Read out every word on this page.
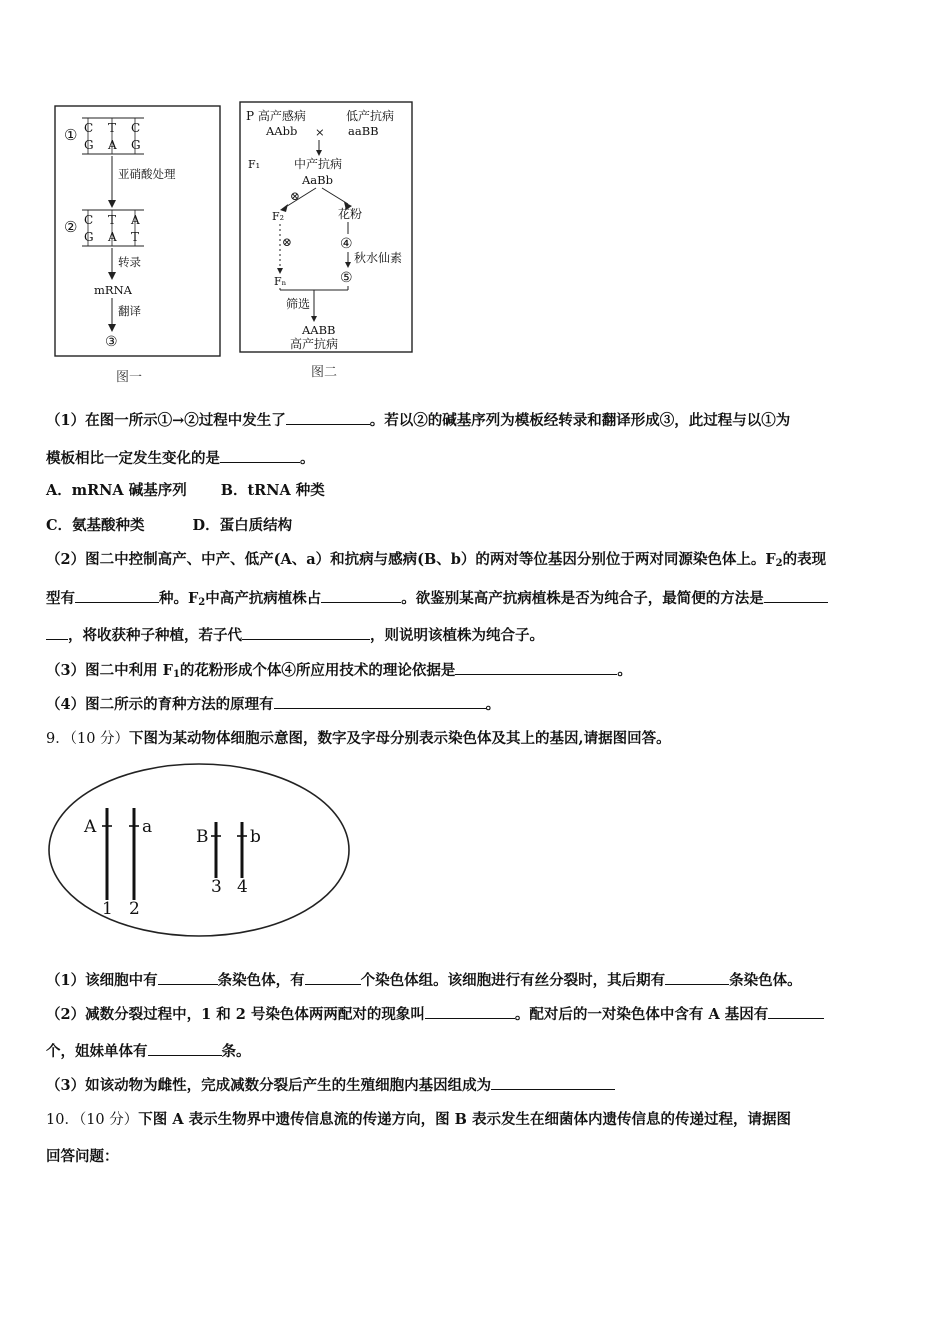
① C T C
G A G
亚硝酸处理
② C T A
G A T
转录
mRNA
翻译
③
图一
P 高产感病	低产抗病
AAbb × aaBB
F₁	中产抗病
AaBb
⊗
F₂	花粉
⊗
Fₙ
④
秋水仙素
⑤
筛选
AABB
高产抗病
图二
（1）在图一所示①→②过程中发生了	。若以②的碱基序列为模板经转录和翻译形成③，此过程与以①为
模板相比一定发生变化的是	。
A．mRNA 碱基序列 B．tRNA 种类
C．氨基酸种类	D．蛋白质结构
（2）图二中控制高产、中产、低产(A、a）和抗病与感病(B、b）的两对等位基因分别位于两对同源染色体上。$F_2$的表现
型有	种。$F_2$中高产抗病植株占	。欲鉴别某高产抗病植株是否为纯合子，最简便的方法是
，将收获种子种植，若子代	，则说明该植株为纯合子。
（3）图二中利用 $F_1$的花粉形成个体④所应用技术的理论依据是	。
（4）图二所示的育种方法的原理有	。
9．（10 分）下图为某动物体细胞示意图，数字及字母分别表示染色体及其上的基因,请据图回答。
A	a	B b
1 2
3 4
（1）该细胞中有	条染色体，有	个染色体组。该细胞进行有丝分裂时，其后期有	条染色体。
（2）减数分裂过程中，1 和 2 号染色体两两配对的现象叫	。配对后的一对染色体中含有 A 基因有
个，姐妹单体有	条。
（3）如该动物为雌性，完成减数分裂后产生的生殖细胞内基因组成为
10．（10 分）下图 A 表示生物界中遗传信息流的传递方向，图 B 表示发生在细菌体内遗传信息的传递过程，请据图
回答问题：
